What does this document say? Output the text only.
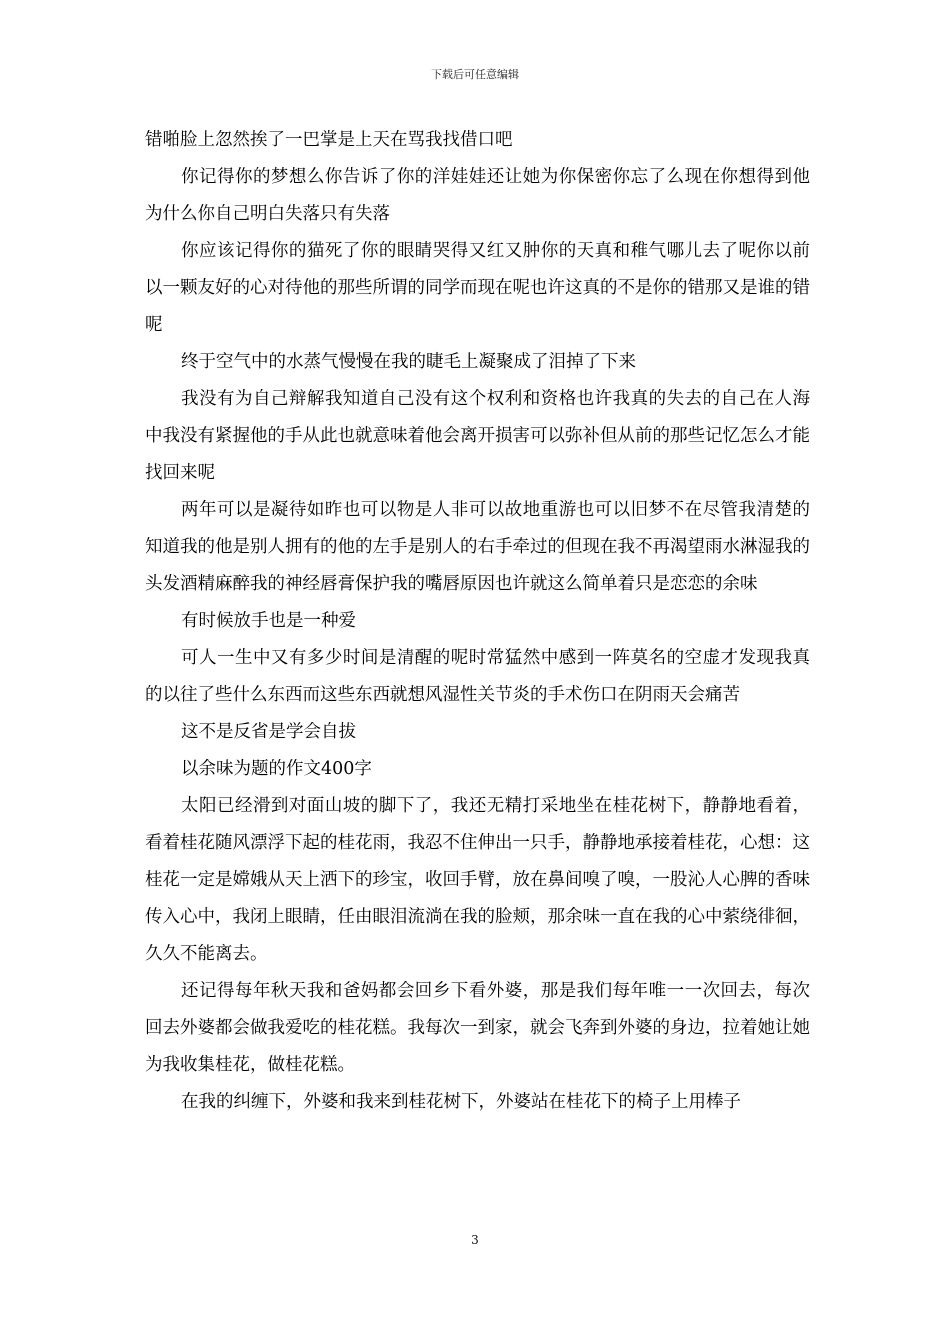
下载后可任意编辑

错啪脸上忽然挨了一巴掌是上天在骂我找借口吧

你记得你的梦想么你告诉了你的洋娃娃还让她为你保密你忘了么现在你想得到他为什么你自己明白失落只有失落

你应该记得你的猫死了你的眼睛哭得又红又肿你的天真和稚气哪儿去了呢你以前以一颗友好的心对待他的那些所谓的同学而现在呢也许这真的不是你的错那又是谁的错呢

终于空气中的水蒸气慢慢在我的睫毛上凝聚成了泪掉了下来

我没有为自己辩解我知道自己没有这个权利和资格也许我真的失去的自己在人海中我没有紧握他的手从此也就意味着他会离开损害可以弥补但从前的那些记忆怎么才能找回来呢

两年可以是凝待如昨也可以物是人非可以故地重游也可以旧梦不在尽管我清楚的知道我的他是别人拥有的他的左手是别人的右手牵过的但现在我不再渴望雨水淋湿我的头发酒精麻醉我的神经唇膏保护我的嘴唇原因也许就这么简单着只是恋恋的余味

有时候放手也是一种爱

可人一生中又有多少时间是清醒的呢时常猛然中感到一阵莫名的空虚才发现我真的以往了些什么东西而这些东西就想风湿性关节炎的手术伤口在阴雨天会痛苦

这不是反省是学会自拔

以余味为题的作文400字

太阳已经滑到对面山坡的脚下了，我还无精打采地坐在桂花树下，静静地看着，看着桂花随风漂浮下起的桂花雨，我忍不住伸出一只手，静静地承接着桂花，心想：这桂花一定是嫦娥从天上洒下的珍宝，收回手臂，放在鼻间嗅了嗅，一股沁人心脾的香味传入心中，我闭上眼睛，任由眼泪流淌在我的脸颊，那余味一直在我的心中萦绕徘徊，久久不能离去。

还记得每年秋天我和爸妈都会回乡下看外婆，那是我们每年唯一一次回去，每次回去外婆都会做我爱吃的桂花糕。我每次一到家，就会飞奔到外婆的身边，拉着她让她为我收集桂花，做桂花糕。

在我的纠缠下，外婆和我来到桂花树下，外婆站在桂花下的椅子上用棒子

3
